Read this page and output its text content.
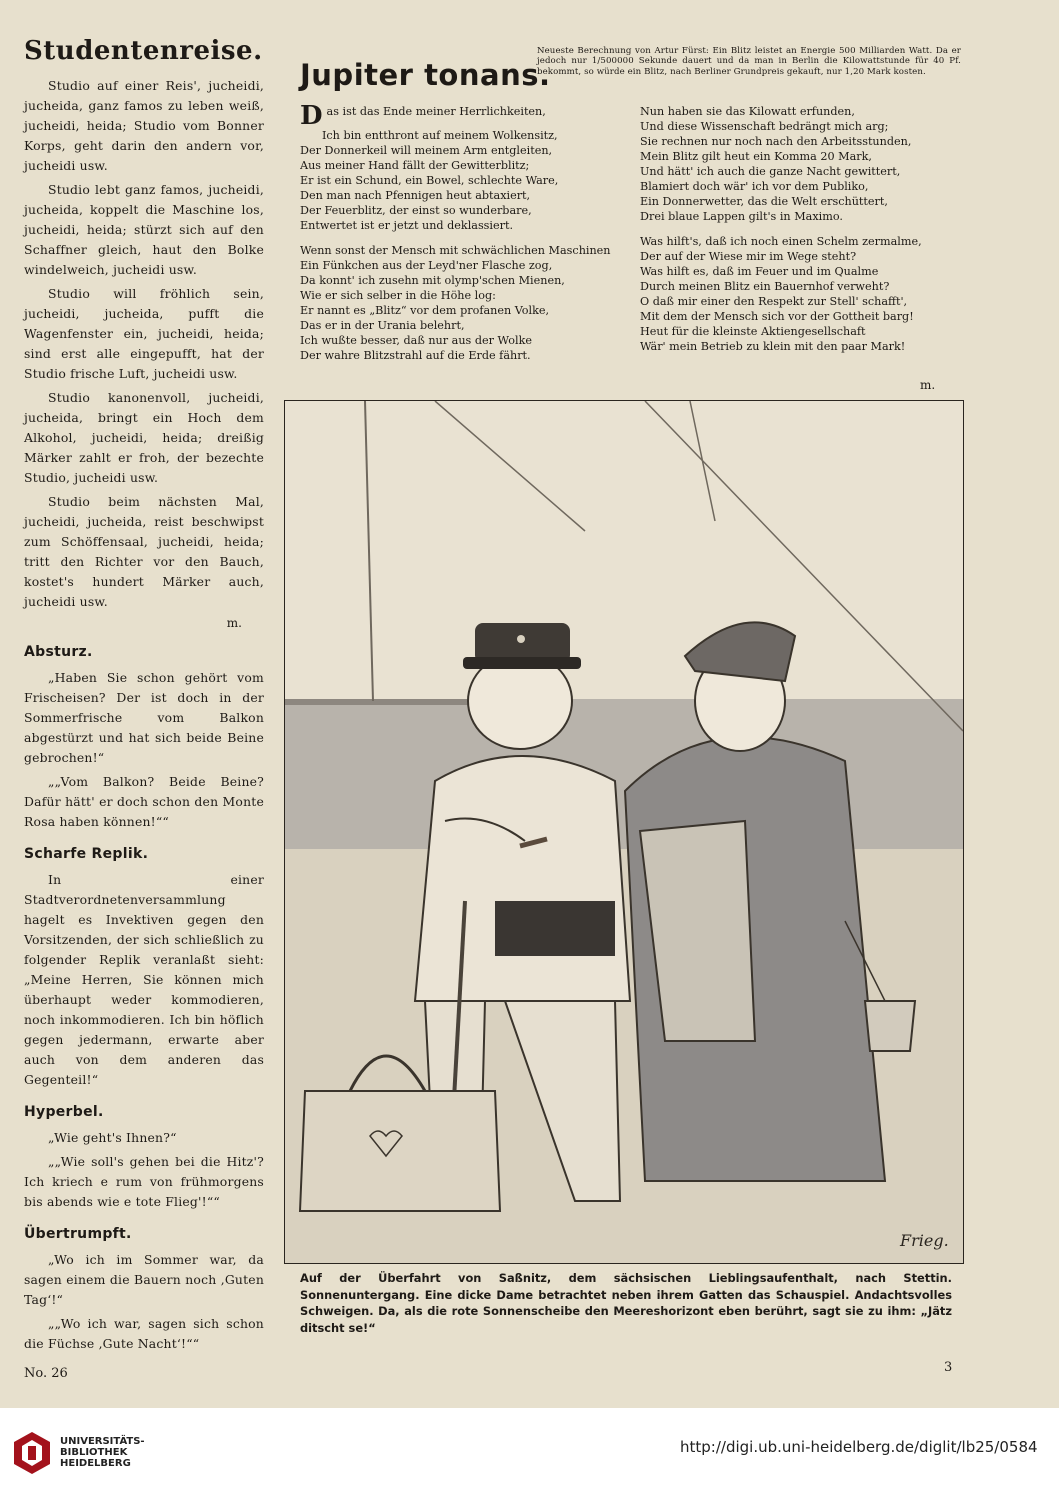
Studentenreise.

Studio auf einer Reis', jucheidi, jucheida, ganz famos zu leben weiß, jucheidi, heida; Studio vom Bonner Korps, geht darin den andern vor, jucheidi usw.

Studio lebt ganz famos, jucheidi, jucheida, koppelt die Maschine los, jucheidi, heida; stürzt sich auf den Schaffner gleich, haut den Bolke windelweich, jucheidi usw.

Studio will fröhlich sein, jucheidi, jucheida, pufft die Wagenfenster ein, jucheidi, heida; sind erst alle eingepufft, hat der Studio frische Luft, jucheidi usw.

Studio kanonenvoll, jucheidi, jucheida, bringt ein Hoch dem Alkohol, jucheidi, heida; dreißig Märker zahlt er froh, der bezechte Studio, jucheidi usw.

Studio beim nächsten Mal, jucheidi, jucheida, reist beschwipst zum Schöffensaal, jucheidi, heida; tritt den Richter vor den Bauch, kostet's hundert Märker auch, jucheidi usw.

m.
Absturz.

„Haben Sie schon gehört vom Frischeisen? Der ist doch in der Sommerfrische vom Balkon abgestürzt und hat sich beide Beine gebrochen!“

„„Vom Balkon? Beide Beine? Dafür hätt' er doch schon den Monte Rosa haben können!““

Scharfe Replik.

In einer Stadtverordnetenversammlung hagelt es Invektiven gegen den Vorsitzenden, der sich schließlich zu folgender Replik veranlaßt sieht: „Meine Herren, Sie können mich überhaupt weder kommodieren, noch inkommodieren. Ich bin höflich gegen jedermann, erwarte aber auch von dem anderen das Gegenteil!“

Hyperbel.

„Wie geht's Ihnen?“

„„Wie soll's gehen bei die Hitz'? Ich kriech e rum von frühmorgens bis abends wie e tote Flieg'!““

Übertrumpft.

„Wo ich im Sommer war, da sagen einem die Bauern noch ‚Guten Tag‘!“

„„Wo ich war, sagen sich schon die Füchse ‚Gute Nacht‘!““

Jupiter tonans.
Neueste Berechnung von Artur Fürst: Ein Blitz leistet an Energie 500 Milliarden Watt. Da er jedoch nur 1/500000 Sekunde dauert und da man in Berlin die Kilowattstunde für 40 Pf. bekommt, so würde ein Blitz, nach Berliner Grundpreis gekauft, nur 1,20 Mark kosten.
Das ist das Ende meiner Herrlichkeiten,
Ich bin entthront auf meinem Wolkensitz,
Der Donnerkeil will meinem Arm entgleiten,
Aus meiner Hand fällt der Gewitterblitz;
Er ist ein Schund, ein Bowel, schlechte Ware,
Den man nach Pfennigen heut abtaxiert,
Der Feuerblitz, der einst so wunderbare,
Entwertet ist er jetzt und deklassiert.
Wenn sonst der Mensch mit schwächlichen Maschinen
Ein Fünkchen aus der Leyd'ner Flasche zog,
Da konnt' ich zusehn mit olymp'schen Mienen,
Wie er sich selber in die Höhe log:
Er nannt es „Blitz“ vor dem profanen Volke,
Das er in der Urania belehrt,
Ich wußte besser, daß nur aus der Wolke
Der wahre Blitzstrahl auf die Erde fährt.
Nun haben sie das Kilowatt erfunden,
Und diese Wissenschaft bedrängt mich arg;
Sie rechnen nur noch nach den Arbeitsstunden,
Mein Blitz gilt heut ein Komma 20 Mark,
Und hätt' ich auch die ganze Nacht gewittert,
Blamiert doch wär' ich vor dem Publiko,
Ein Donnerwetter, das die Welt erschüttert,
Drei blaue Lappen gilt's in Maximo.
Was hilft's, daß ich noch einen Schelm zermalme,
Der auf der Wiese mir im Wege steht?
Was hilft es, daß im Feuer und im Qualme
Durch meinen Blitz ein Bauernhof verweht?
O daß mir einer den Respekt zur Stell' schafft',
Mit dem der Mensch sich vor der Gottheit barg!
Heut für die kleinste Aktiengesellschaft
Wär' mein Betrieb zu klein mit den paar Mark!
m.
Frieg.
Auf der Überfahrt von Saßnitz, dem sächsischen Lieblingsaufenthalt, nach Stettin. Sonnenuntergang. Eine dicke Dame betrachtet neben ihrem Gatten das Schauspiel. Andachtsvolles Schweigen. Da, als die rote Sonnenscheibe den Meereshorizont eben berührt, sagt sie zu ihm: „Jätz ditscht se!“
No. 26	3
UNIVERSITÄTS-
BIBLIOTHEK
HEIDELBERG
http://digi.ub.uni-heidelberg.de/diglit/lb25/0584
